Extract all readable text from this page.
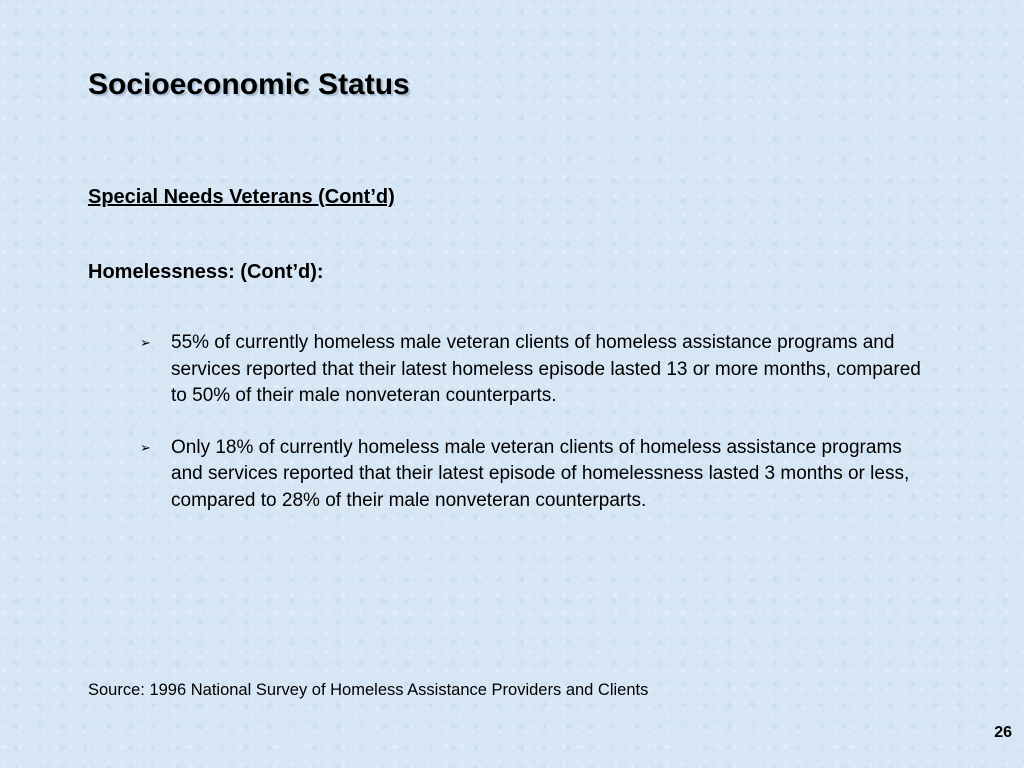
Socioeconomic Status
Special Needs Veterans (Cont’d)
Homelessness: (Cont’d):
➢ 55% of currently homeless male veteran clients of homeless assistance programs and services reported that their latest homeless episode lasted 13 or more months, compared to 50% of their male nonveteran counterparts.
➢ Only 18% of currently homeless male veteran clients of homeless assistance programs and services reported that their latest episode of homelessness lasted 3 months or less, compared to 28% of their male nonveteran counterparts.
Source: 1996 National Survey of Homeless Assistance Providers and Clients
26
